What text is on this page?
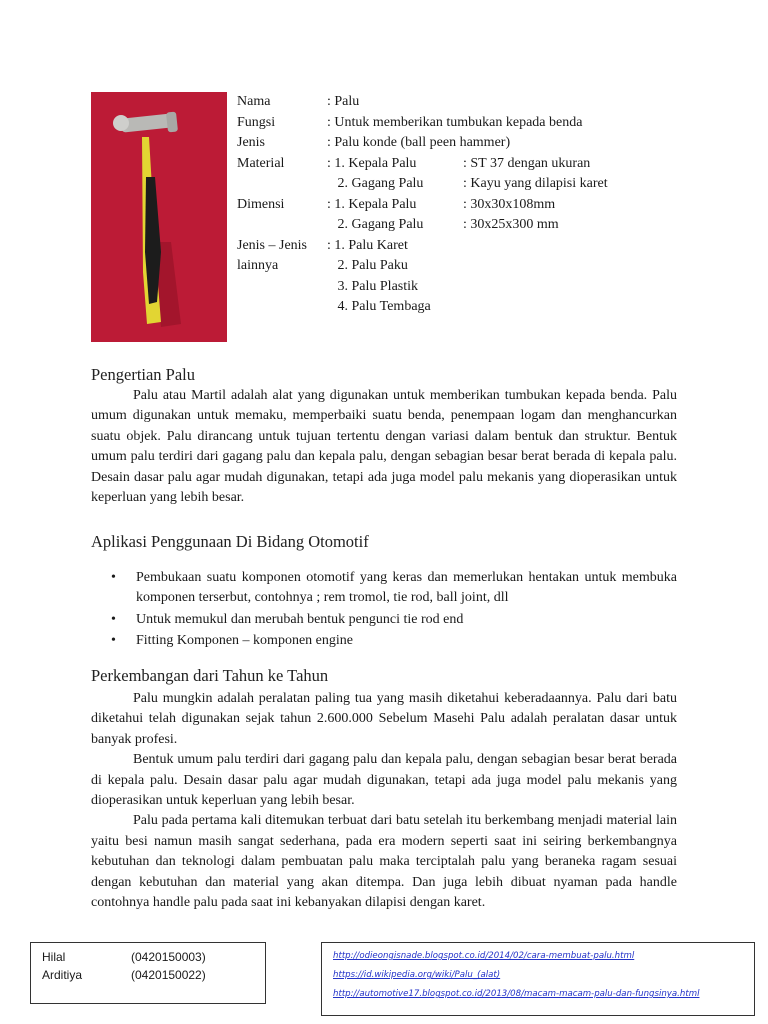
Nama	: Palu
Fungsi	: Untuk memberikan tumbukan kepada benda
Jenis	: Palu konde (ball peen hammer)
Material	: 1. Kepala Palu	: ST 37 dengan ukuran
2. Gagang Palu	: Kayu yang dilapisi karet
Dimensi	: 1. Kepala Palu	: 30x30x108mm
2. Gagang Palu	: 30x25x300 mm
Jenis – Jenis : 1. Palu Karet
lainnya	2. Palu Paku
3. Palu Plastik
4. Palu Tembaga
Pengertian Palu

Palu atau Martil adalah alat yang digunakan untuk memberikan tumbukan kepada benda. Palu umum digunakan untuk memaku, memperbaiki suatu benda, penempaan logam dan menghancurkan suatu objek. Palu dirancang untuk tujuan tertentu dengan variasi dalam bentuk dan struktur. Bentuk umum palu terdiri dari gagang palu dan kepala palu, dengan sebagian besar berat berada di kepala palu. Desain dasar palu agar mudah digunakan, tetapi ada juga model palu mekanis yang dioperasikan untuk keperluan yang lebih besar.

Aplikasi Penggunaan Di Bidang Otomotif
• Pembukaan suatu komponen otomotif yang keras dan memerlukan hentakan untuk membuka komponen terserbut, contohnya ; rem tromol, tie rod, ball joint, dll
• Untuk memukul dan merubah bentuk pengunci tie rod end
• Fitting Komponen – komponen engine
Perkembangan dari Tahun ke Tahun

Palu mungkin adalah peralatan paling tua yang masih diketahui keberadaannya. Palu dari batu diketahui telah digunakan sejak tahun 2.600.000 Sebelum Masehi Palu adalah peralatan dasar untuk banyak profesi.

Bentuk umum palu terdiri dari gagang palu dan kepala palu, dengan sebagian besar berat berada di kepala palu. Desain dasar palu agar mudah digunakan, tetapi ada juga model palu mekanis yang dioperasikan untuk keperluan yang lebih besar.

Palu pada pertama kali ditemukan terbuat dari batu setelah itu berkembang menjadi material lain yaitu besi namun masih sangat sederhana, pada era modern seperti saat ini seiring berkembangnya kebutuhan dan teknologi dalam pembuatan palu maka terciptalah palu yang beraneka ragam sesuai dengan kebutuhan dan material yang akan ditempa. Dan juga lebih dibuat nyaman pada handle contohnya handle palu pada saat ini kebanyakan dilapisi dengan karet.

Hilal	(0420150003)
Arditiya	(0420150022)
http://odieongisnade.blogspot.co.id/2014/02/cara-membuat-palu.html
https://id.wikipedia.org/wiki/Palu_(alat)
http://automotive17.blogspot.co.id/2013/08/macam-macam-palu-dan-fungsinya.html
